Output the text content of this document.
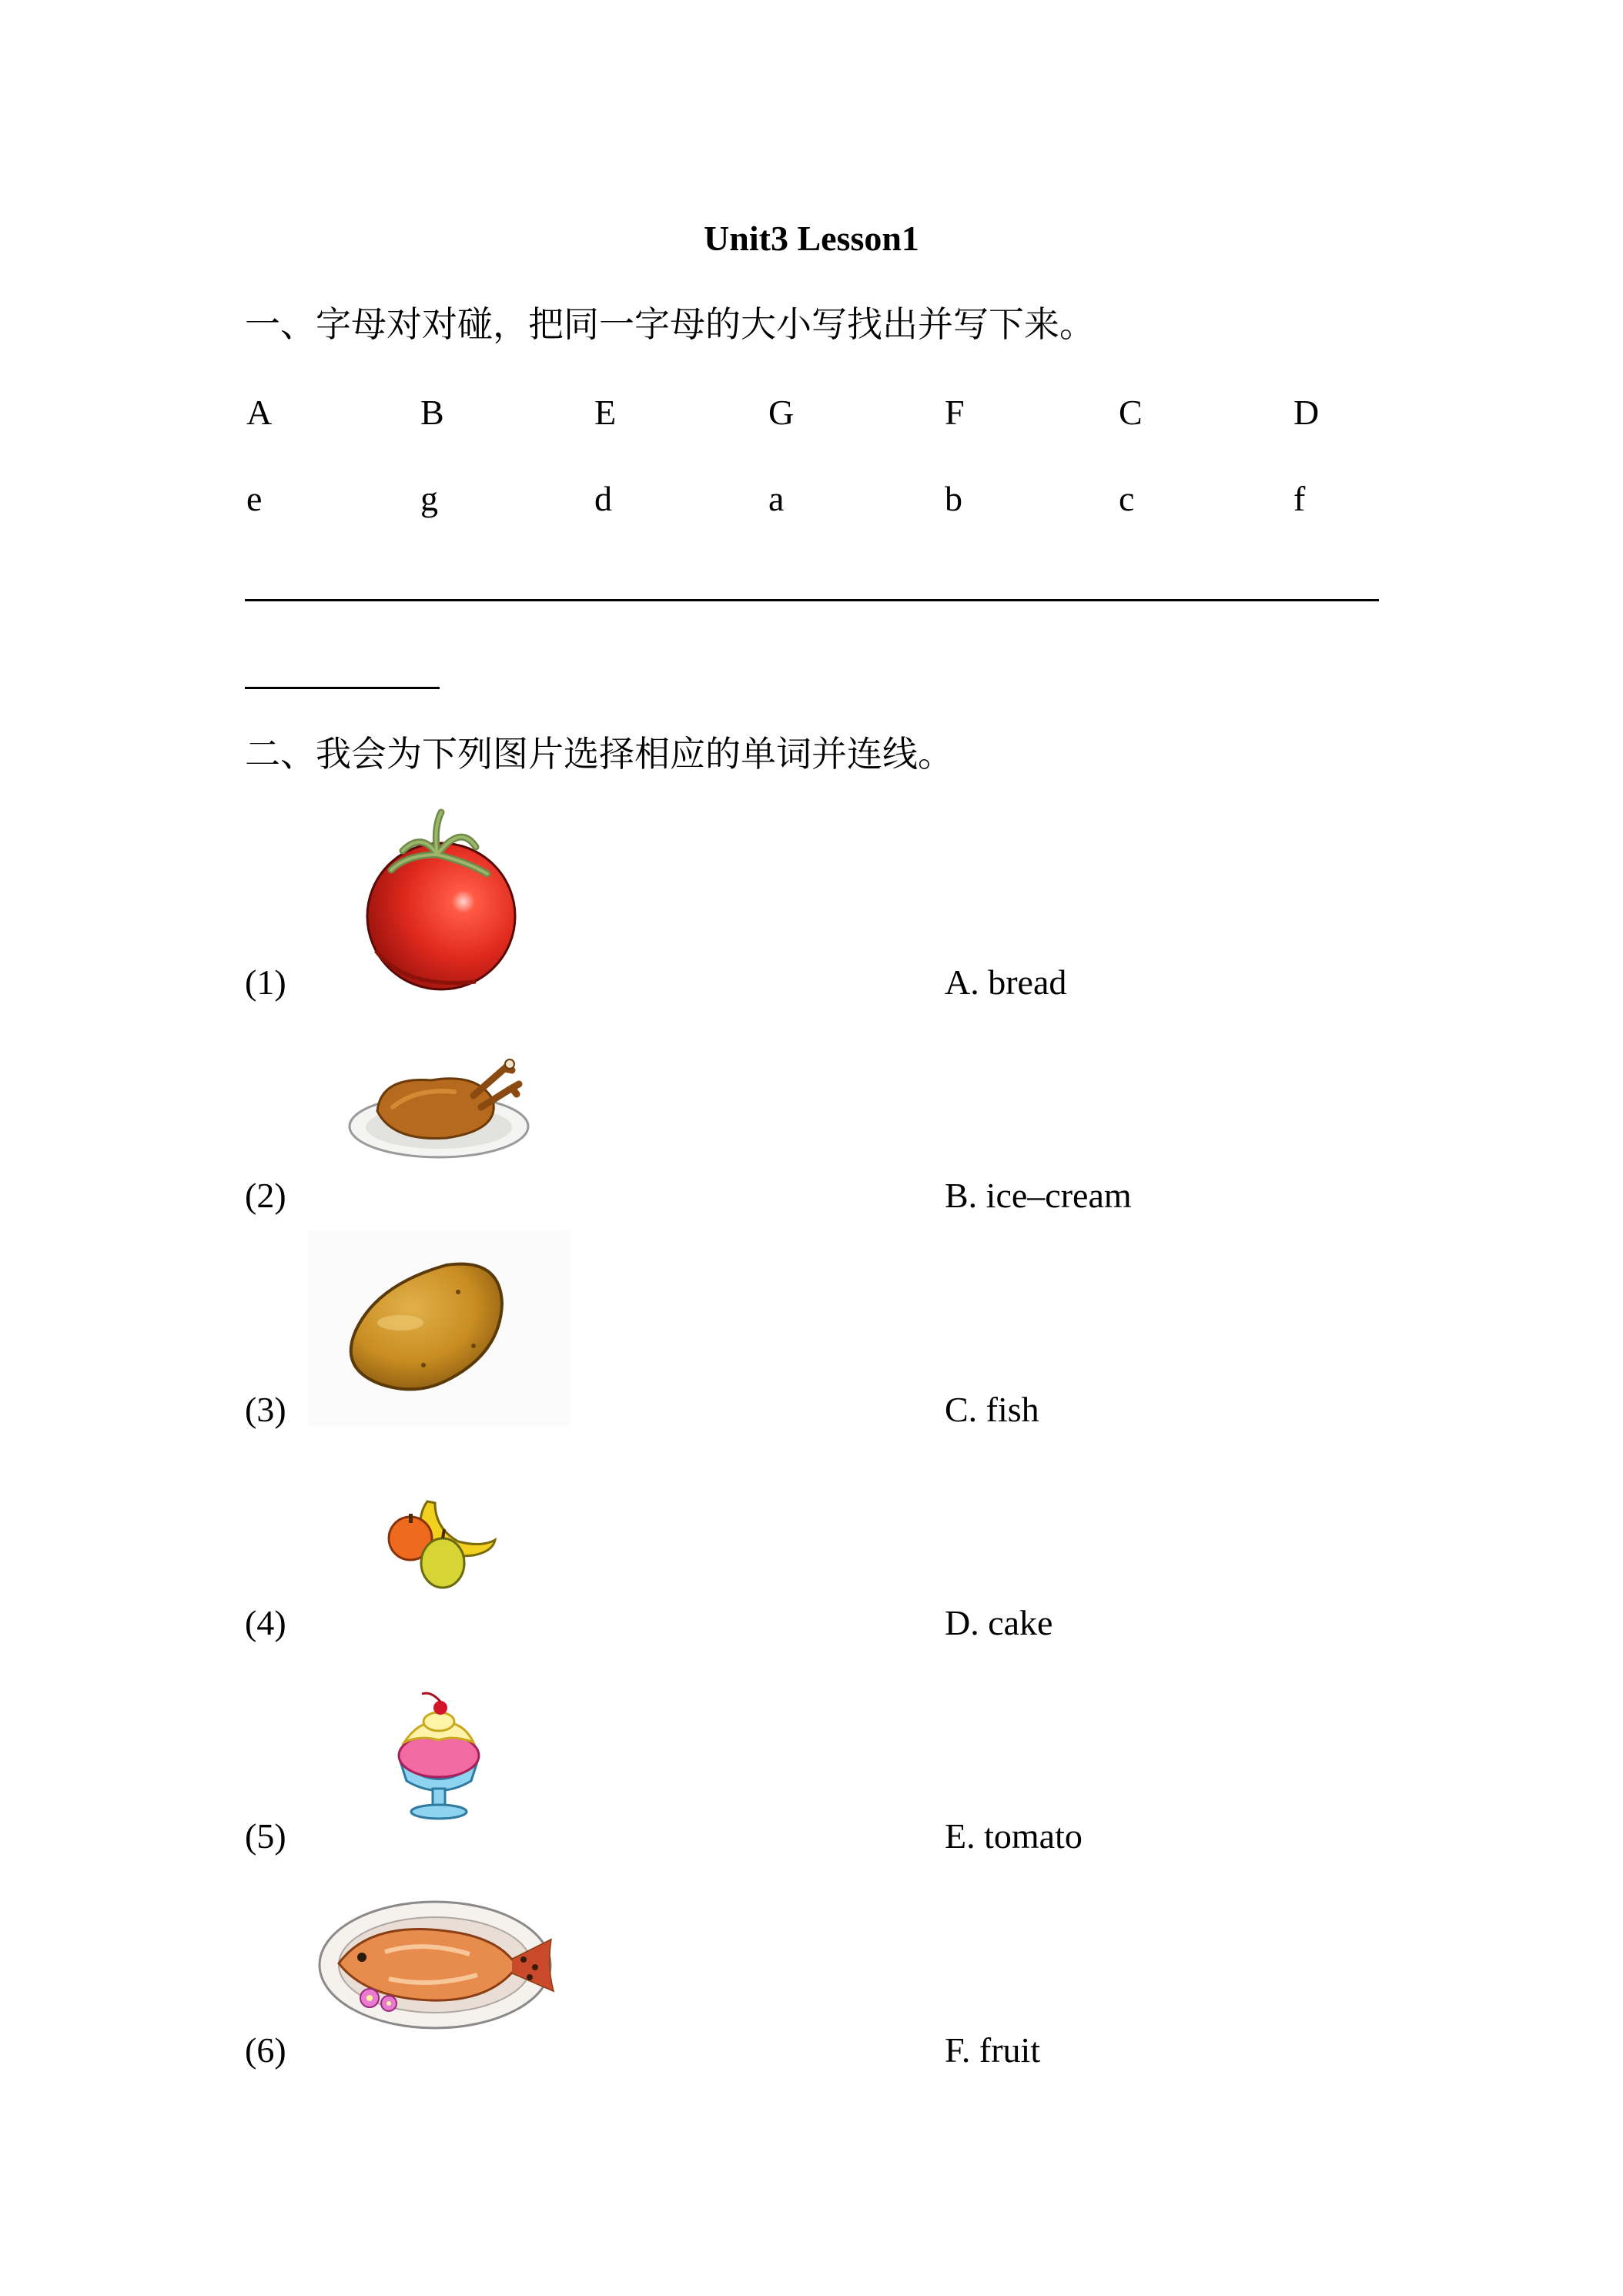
Unit3 Lesson1
一、字母对对碰，把同一字母的大小写找出并写下来。
A	B	E	G	F	C	D
e	g	d	a	b	c	f
二、我会为下列图片选择相应的单词并连线。
(1)	A. bread
(2)	B. ice–cream
(3)	C. fish
(4)	D. cake
(5)	E. tomato
(6)	F. fruit
